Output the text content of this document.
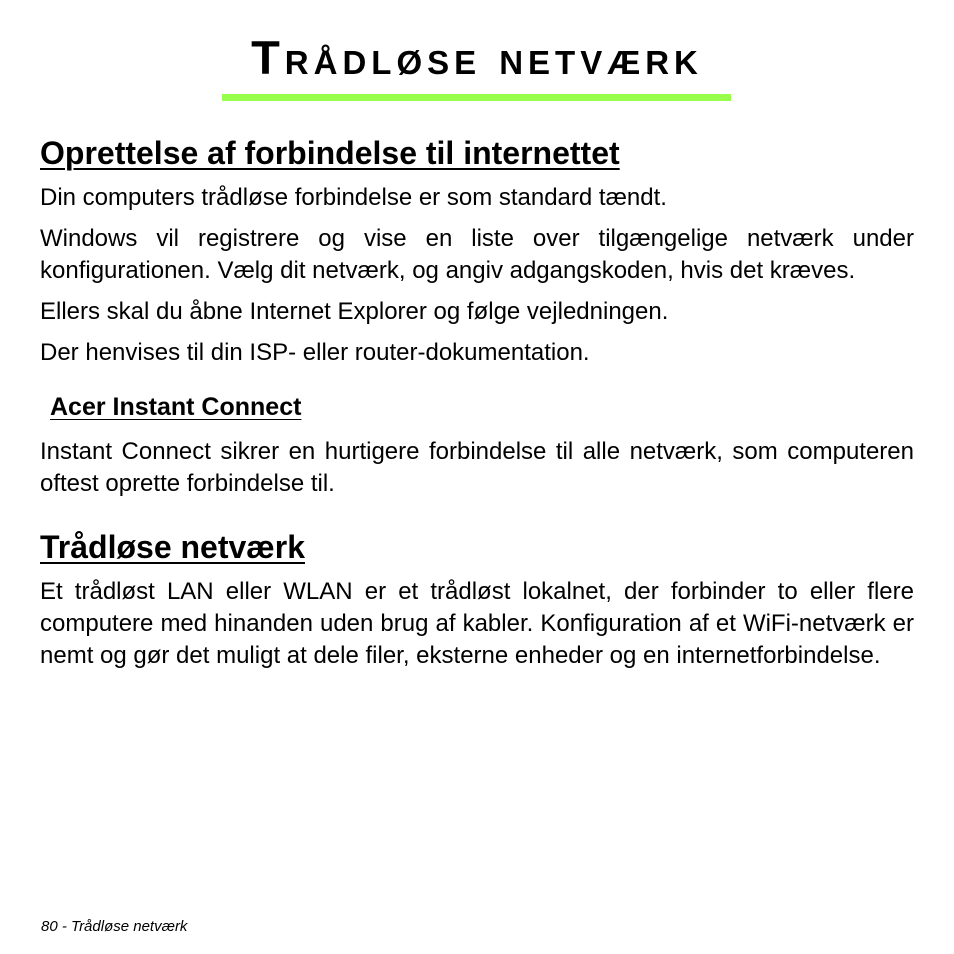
Trådløse netværk
Oprettelse af forbindelse til internettet

Din computers trådløse forbindelse er som standard tændt.

Windows vil registrere og vise en liste over tilgængelige netværk under konfigurationen. Vælg dit netværk, og angiv adgangskoden, hvis det kræves.

Ellers skal du åbne Internet Explorer og følge vejledningen.

Der henvises til din ISP- eller router-dokumentation.

Acer Instant Connect

Instant Connect sikrer en hurtigere forbindelse til alle netværk, som computeren oftest oprette forbindelse til.

Trådløse netværk

Et trådløst LAN eller WLAN er et trådløst lokalnet, der forbinder to eller flere computere med hinanden uden brug af kabler. Konfiguration af et WiFi-netværk er nemt og gør det muligt at dele filer, eksterne enheder og en internetforbindelse.

80 - Trådløse netværk
